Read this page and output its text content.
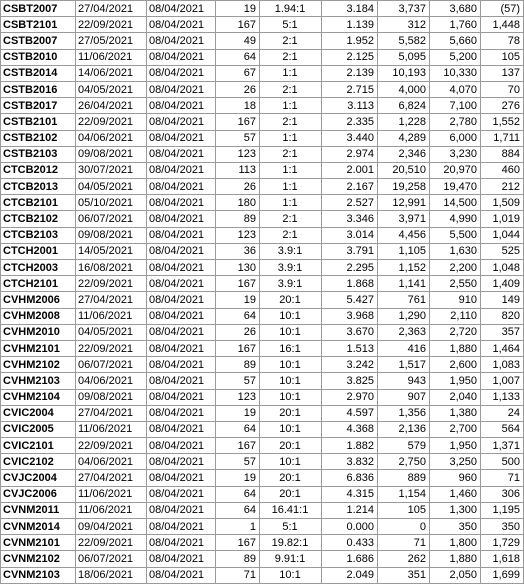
CSBT2007	27/04/2021	08/04/2021	19	1.94:1	3.184	3,737	3,680	(57)
CSBT2101	22/09/2021	08/04/2021	167	5:1	1.139	312	1,760	1,448
CSTB2007	27/05/2021	08/04/2021	49	2:1	1.952	5,582	5,660	78
CSTB2010	11/06/2021	08/04/2021	64	2:1	2.125	5,095	5,200	105
CSTB2014	14/06/2021	08/04/2021	67	1:1	2.139	10,193	10,330	137
CSTB2016	04/05/2021	08/04/2021	26	2:1	2.715	4,000	4,070	70
CSTB2017	26/04/2021	08/04/2021	18	1:1	3.113	6,824	7,100	276
CSTB2101	22/09/2021	08/04/2021	167	2:1	2.335	1,228	2,780	1,552
CSTB2102	04/06/2021	08/04/2021	57	1:1	3.440	4,289	6,000	1,711
CSTB2103	09/08/2021	08/04/2021	123	2:1	2.974	2,346	3,230	884
CTCB2012	30/07/2021	08/04/2021	113	1:1	2.001	20,510	20,970	460
CTCB2013	04/05/2021	08/04/2021	26	1:1	2.167	19,258	19,470	212
CTCB2101	05/10/2021	08/04/2021	180	1:1	2.527	12,991	14,500	1,509
CTCB2102	06/07/2021	08/04/2021	89	2:1	3.346	3,971	4,990	1,019
CTCB2103	09/08/2021	08/04/2021	123	2:1	3.014	4,456	5,500	1,044
CTCH2001	14/05/2021	08/04/2021	36	3.9:1	3.791	1,105	1,630	525
CTCH2003	16/08/2021	08/04/2021	130	3.9:1	2.295	1,152	2,200	1,048
CTCH2101	22/09/2021	08/04/2021	167	3.9:1	1.868	1,141	2,550	1,409
CVHM2006	27/04/2021	08/04/2021	19	20:1	5.427	761	910	149
CVHM2008	11/06/2021	08/04/2021	64	10:1	3.968	1,290	2,110	820
CVHM2010	04/05/2021	08/04/2021	26	10:1	3.670	2,363	2,720	357
CVHM2101	22/09/2021	08/04/2021	167	16:1	1.513	416	1,880	1,464
CVHM2102	06/07/2021	08/04/2021	89	10:1	3.242	1,517	2,600	1,083
CVHM2103	04/06/2021	08/04/2021	57	10:1	3.825	943	1,950	1,007
CVHM2104	09/08/2021	08/04/2021	123	10:1	2.970	907	2,040	1,133
CVIC2004	27/04/2021	08/04/2021	19	20:1	4.597	1,356	1,380	24
CVIC2005	11/06/2021	08/04/2021	64	10:1	4.368	2,136	2,700	564
CVIC2101	22/09/2021	08/04/2021	167	20:1	1.882	579	1,950	1,371
CVIC2102	04/06/2021	08/04/2021	57	10:1	3.832	2,750	3,250	500
CVJC2004	27/04/2021	08/04/2021	19	20:1	6.836	889	960	71
CVJC2006	11/06/2021	08/04/2021	64	20:1	4.315	1,154	1,460	306
CVNM2011	11/06/2021	08/04/2021	64	16.41:1	1.214	105	1,300	1,195
CVNM2014	09/04/2021	08/04/2021	1	5:1	0.000	0	350	350
CVNM2101	22/09/2021	08/04/2021	167	19.82:1	0.433	71	1,800	1,729
CVNM2102	06/07/2021	08/04/2021	89	9.91:1	1.686	262	1,880	1,618
CVNM2103	18/06/2021	08/04/2021	71	10:1	2.049	351	2,050	1,699
